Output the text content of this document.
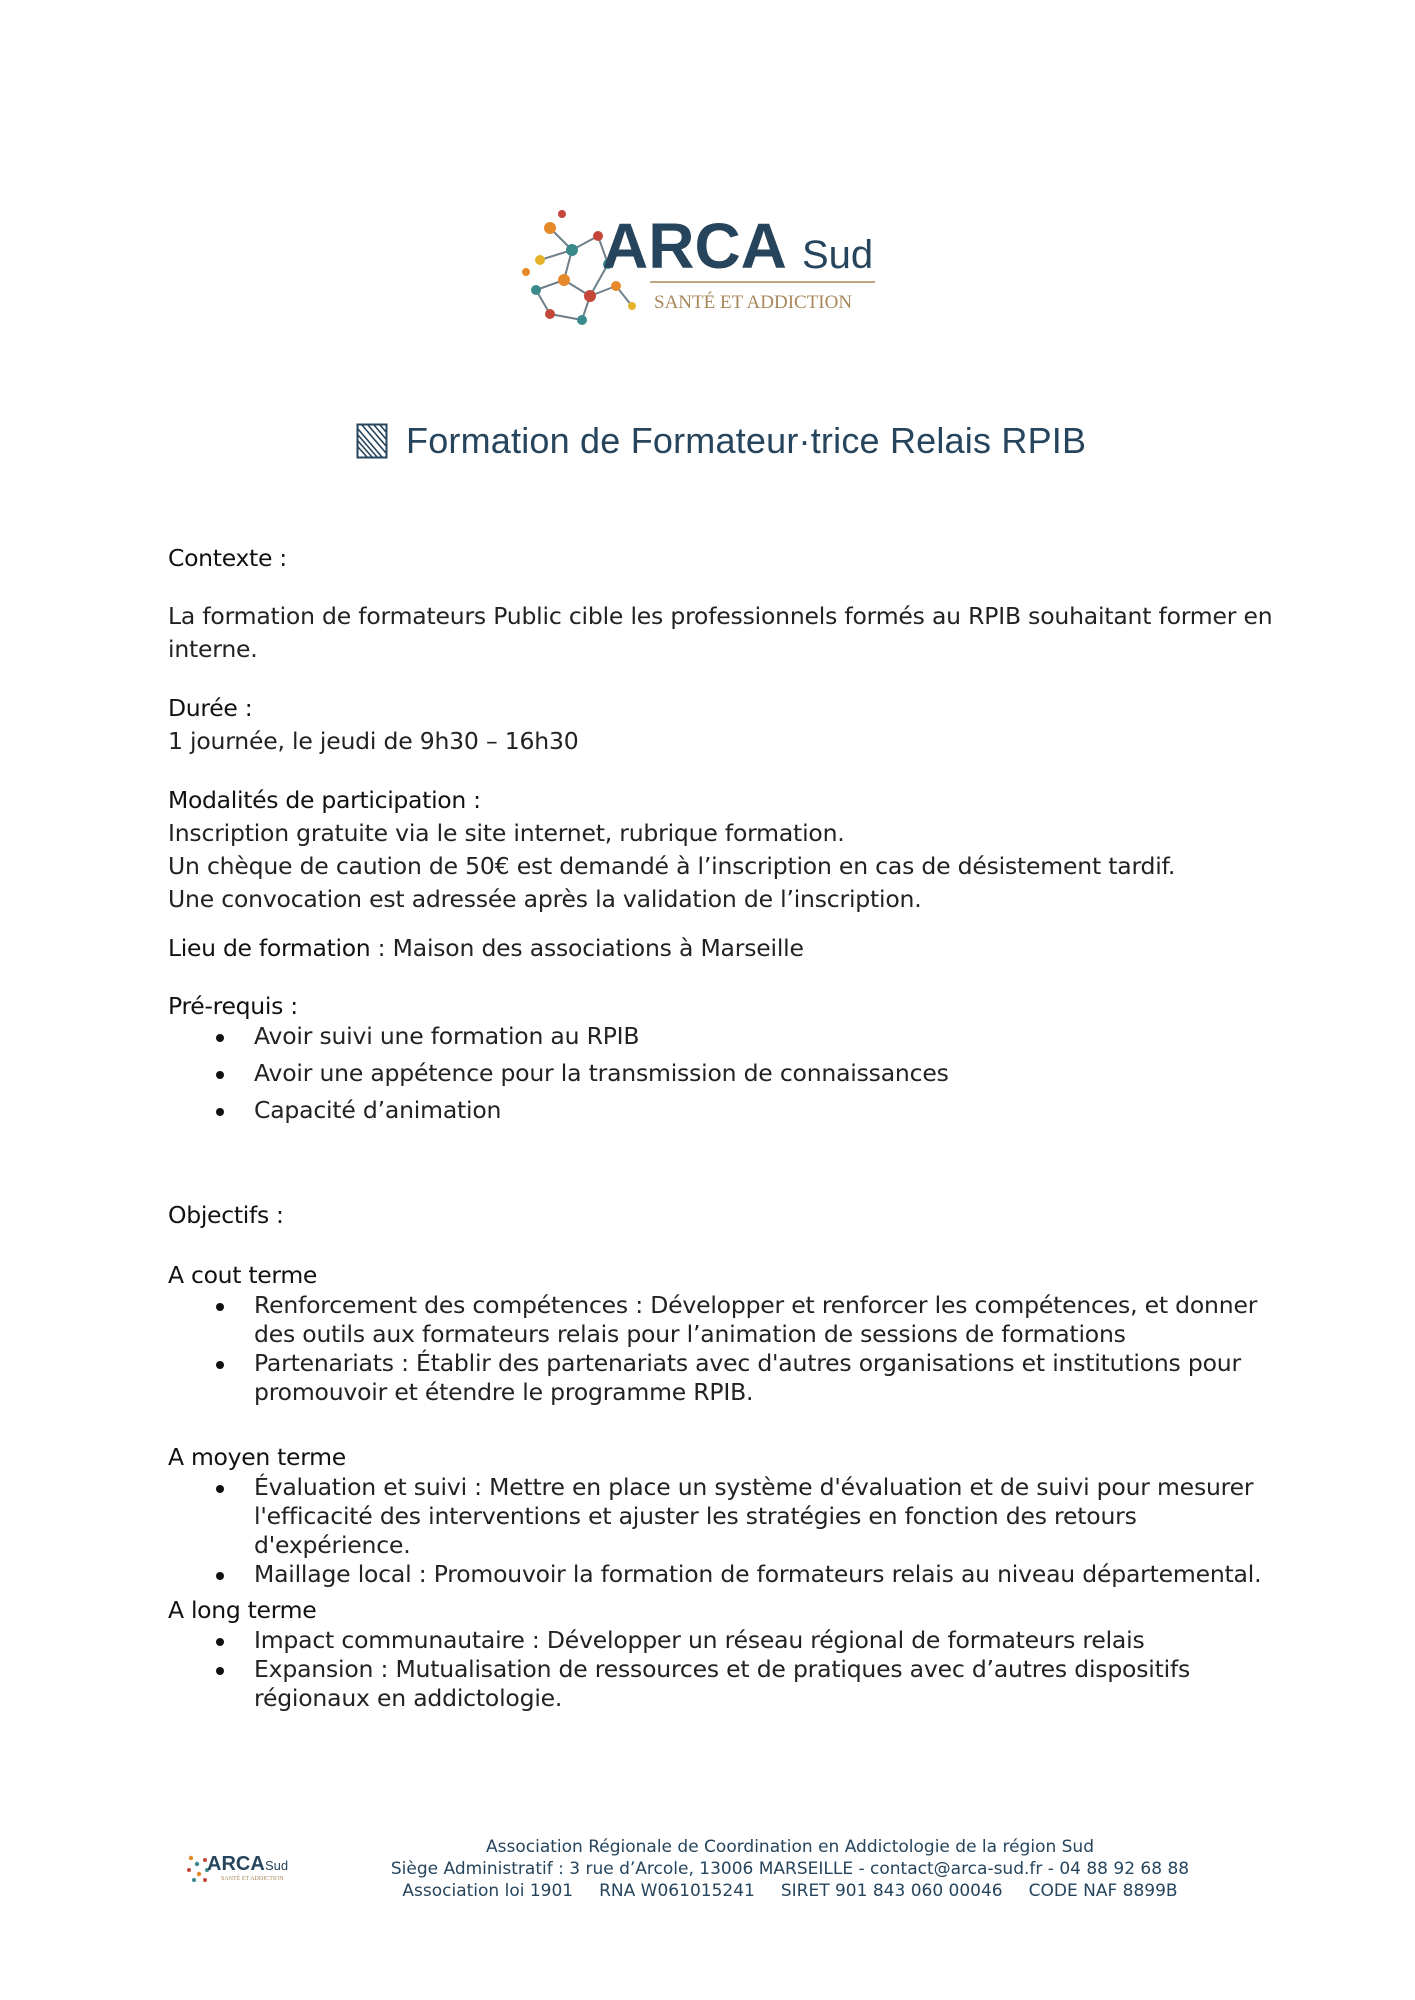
ARCA Sud
SANTÉ ET ADDICTION
Formation de Formateur·trice Relais RPIB
Contexte :
La formation de formateurs Public cible les professionnels formés au RPIB souhaitant former en
interne.
Durée :
1 journée, le jeudi de 9h30 – 16h30
Modalités de participation :
Inscription gratuite via le site internet, rubrique formation.
Un chèque de caution de 50€ est demandé à l’inscription en cas de désistement tardif.
Une convocation est adressée après la validation de l’inscription.
Lieu de formation : Maison des associations à Marseille
Pré-requis :
Avoir suivi une formation au RPIB
Avoir une appétence pour la transmission de connaissances
Capacité d’animation
Objectifs :
A cout terme
Renforcement des compétences : Développer et renforcer les compétences, et donner
des outils aux formateurs relais pour l’animation de sessions de formations
Partenariats : Établir des partenariats avec d'autres organisations et institutions pour
promouvoir et étendre le programme RPIB.
A moyen terme
Évaluation et suivi : Mettre en place un système d'évaluation et de suivi pour mesurer
l'efficacité des interventions et ajuster les stratégies en fonction des retours d'expérience.
Maillage local : Promouvoir la formation de formateurs relais au niveau départemental.
A long terme
Impact communautaire : Développer un réseau régional de formateurs relais
Expansion : Mutualisation de ressources et de pratiques avec d’autres dispositifs
régionaux en addictologie.
ARCA Sud
SANTÉ ET ADDICTION
Association Régionale de Coordination en Addictologie de la région Sud
Siège Administratif : 3 rue d’Arcole, 13006 MARSEILLE - contact@arca-sud.fr - 04 88 92 68 88
Association loi 1901 RNA W061015241 SIRET 901 843 060 00046 CODE NAF 8899B
